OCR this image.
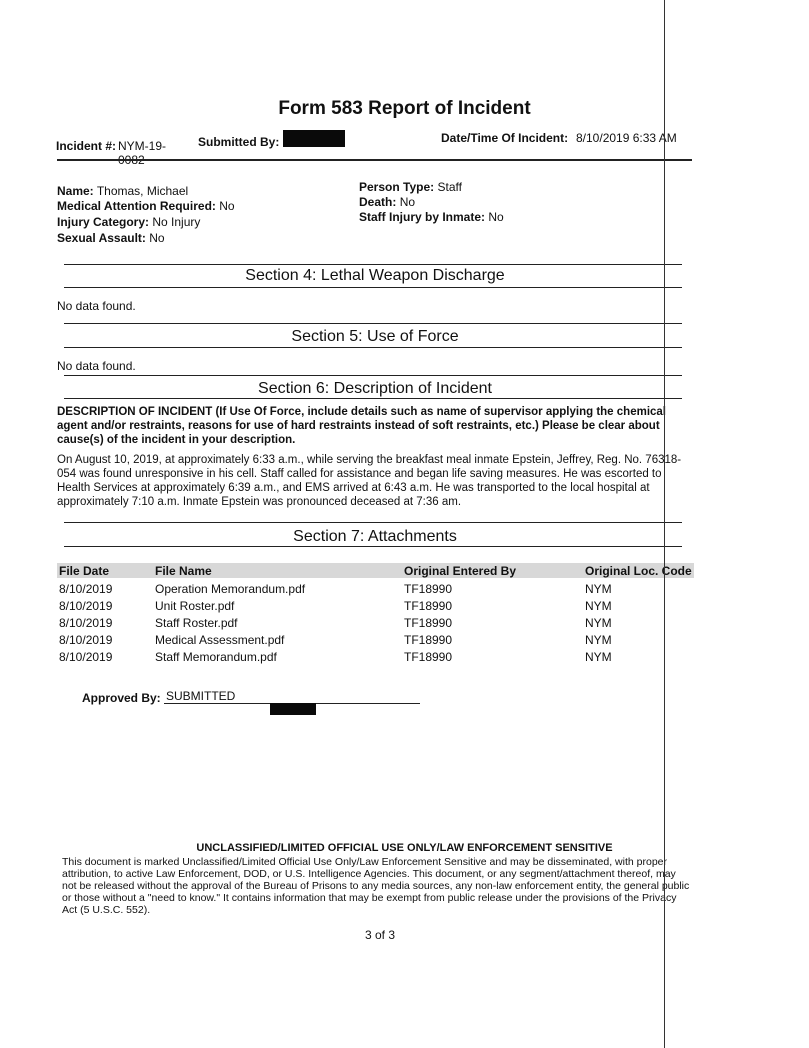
Form 583 Report of Incident
Incident #: NYM-19-
0082
Submitted By:	Date/Time Of Incident: 8/10/2019 6:33 AM
Name: Thomas, Michael
Medical Attention Required: No
Injury Category: No Injury
Sexual Assault: No
Person Type: Staff
Death: No
Staff Injury by Inmate: No
Section 4: Lethal Weapon Discharge
No data found.
Section 5: Use of Force
No data found.
Section 6: Description of Incident
DESCRIPTION OF INCIDENT (If Use Of Force, include details such as name of supervisor applying the chemical agent and/or restraints, reasons for use of hard restraints instead of soft restraints, etc.) Please be clear about cause(s) of the incident in your description.
On August 10, 2019, at approximately 6:33 a.m., while serving the breakfast meal inmate Epstein, Jeffrey, Reg. No. 76318-054 was found unresponsive in his cell. Staff called for assistance and began life saving measures. He was escorted to Health Services at approximately 6:39 a.m., and EMS arrived at 6:43 a.m. He was transported to the local hospital at approximately 7:10 a.m. Inmate Epstein was pronounced deceased at 7:36 am.
Section 7: Attachments
File Date	File Name	Original Entered By	Original Loc. Code
8/10/2019	Operation Memorandum.pdf	TF18990	NYM
8/10/2019	Unit Roster.pdf	TF18990	NYM
8/10/2019	Staff Roster.pdf	TF18990	NYM
8/10/2019	Medical Assessment.pdf	TF18990	NYM
8/10/2019	Staff Memorandum.pdf	TF18990	NYM
Approved By: SUBMITTED
UNCLASSIFIED/LIMITED OFFICIAL USE ONLY/LAW ENFORCEMENT SENSITIVE
This document is marked Unclassified/Limited Official Use Only/Law Enforcement Sensitive and may be disseminated, with proper attribution, to active Law Enforcement, DOD, or U.S. Intelligence Agencies. This document, or any segment/attachment thereof, may not be released without the approval of the Bureau of Prisons to any media sources, any non-law enforcement entity, the general public or those without a "need to know." It contains information that may be exempt from public release under the provisions of the Privacy Act (5 U.S.C. 552).
3 of 3
